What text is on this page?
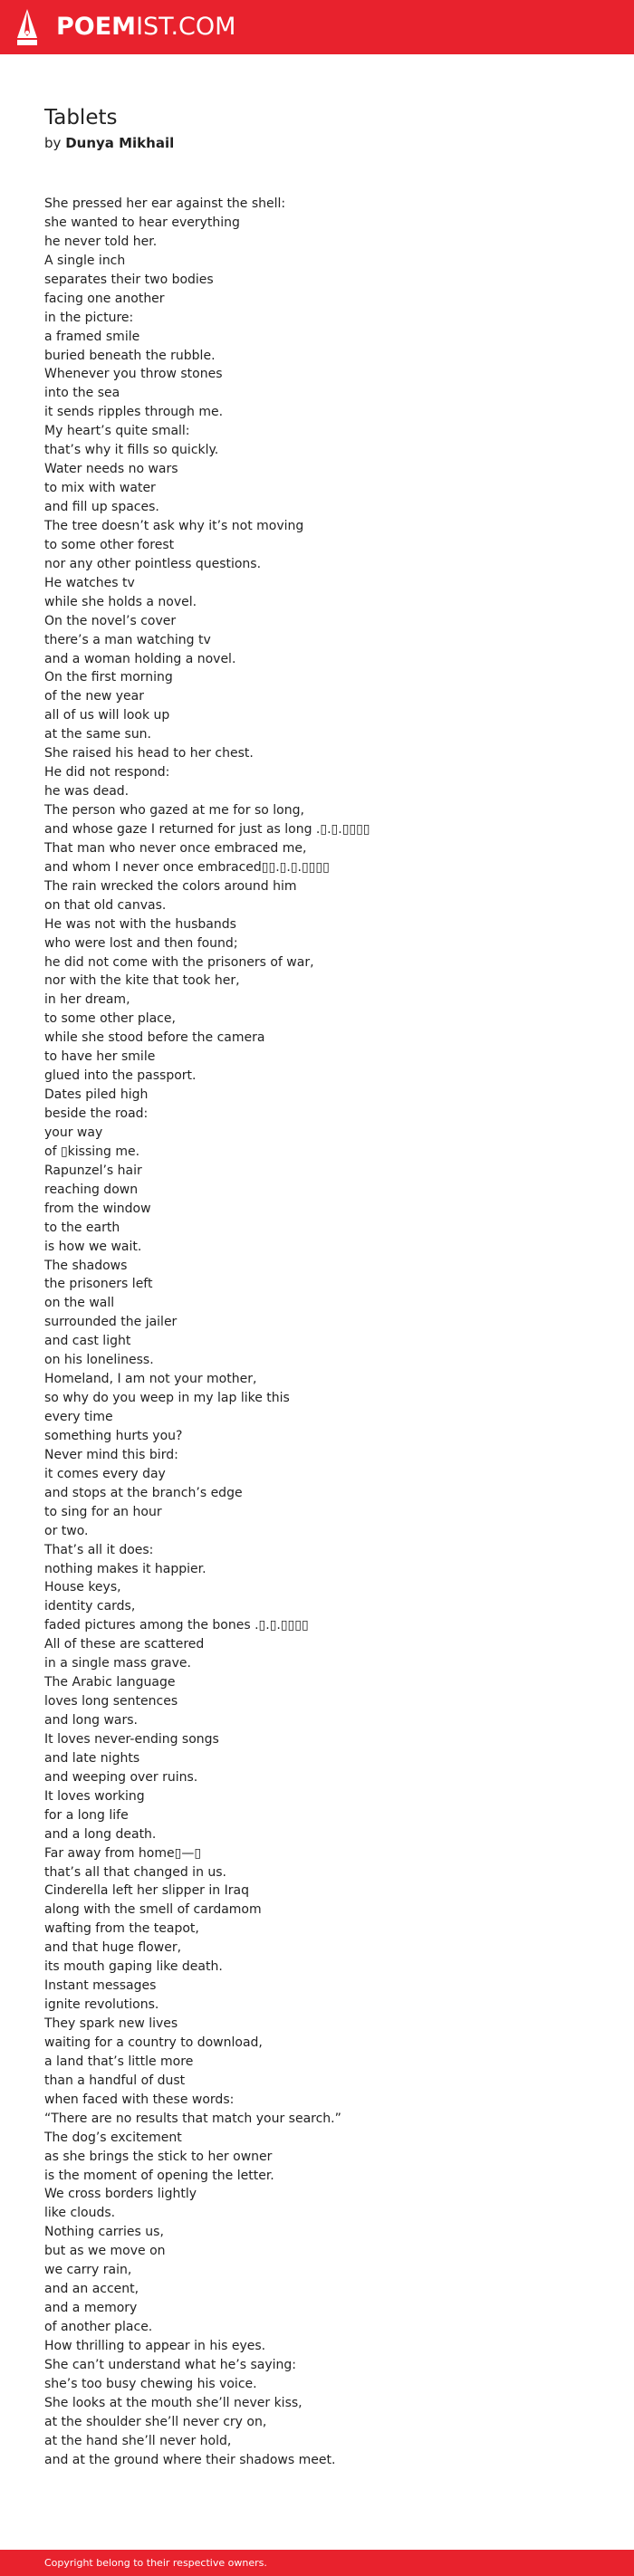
POEMIST.COM
Tablets
by Dunya Mikhail
She pressed her ear against the shell:
she wanted to hear everything
he never told her.
A single inch
separates their two bodies
facing one another
in the picture:
a framed smile
buried beneath the rubble.
Whenever you throw stones
into the sea
it sends ripples through me.
My heart’s quite small:
that’s why it fills so quickly.
Water needs no wars
to mix with water
and fill up spaces.
The tree doesn’t ask why it’s not moving
to some other forest
nor any other pointless questions.
He watches tv
while she holds a novel.
On the novel’s cover
there’s a man watching tv
and a woman holding a novel.
On the first morning
of the new year
all of us will look up
at the same sun.
She raised his head to her chest.
He did not respond:
he was dead.
The person who gazed at me for so long,
and whose gaze I returned for just as long .▯.▯.▯▯▯▯
That man who never once embraced me,
and whom I never once embraced▯▯.▯.▯.▯▯▯▯
The rain wrecked the colors around him
on that old canvas.
He was not with the husbands
who were lost and then found;
he did not come with the prisoners of war,
nor with the kite that took her,
in her dream,
to some other place,
while she stood before the camera
to have her smile
glued into the passport.
Dates piled high
beside the road:
your way
of ▯kissing me.
Rapunzel’s hair
reaching down
from the window
to the earth
is how we wait.
The shadows
the prisoners left
on the wall
surrounded the jailer
and cast light
on his loneliness.
Homeland, I am not your mother,
so why do you weep in my lap like this
every time
something hurts you?
Never mind this bird:
it comes every day
and stops at the branch’s edge
to sing for an hour
or two.
That’s all it does:
nothing makes it happier.
House keys,
identity cards,
faded pictures among the bones .▯.▯.▯▯▯▯
All of these are scattered
in a single mass grave.
The Arabic language
loves long sentences
and long wars.
It loves never-ending songs
and late nights
and weeping over ruins.
It loves working
for a long life
and a long death.
Far away from home▯—▯
that’s all that changed in us.
Cinderella left her slipper in Iraq
along with the smell of cardamom
wafting from the teapot,
and that huge flower,
its mouth gaping like death.
Instant messages
ignite revolutions.
They spark new lives
waiting for a country to download,
a land that’s little more
than a handful of dust
when faced with these words:
“There are no results that match your search.”
The dog’s excitement
as she brings the stick to her owner
is the moment of opening the letter.
We cross borders lightly
like clouds.
Nothing carries us,
but as we move on
we carry rain,
and an accent,
and a memory
of another place.
How thrilling to appear in his eyes.
She can’t understand what he’s saying:
she’s too busy chewing his voice.
She looks at the mouth she’ll never kiss,
at the shoulder she’ll never cry on,
at the hand she’ll never hold,
and at the ground where their shadows meet.
Copyright belong to their respective owners.
